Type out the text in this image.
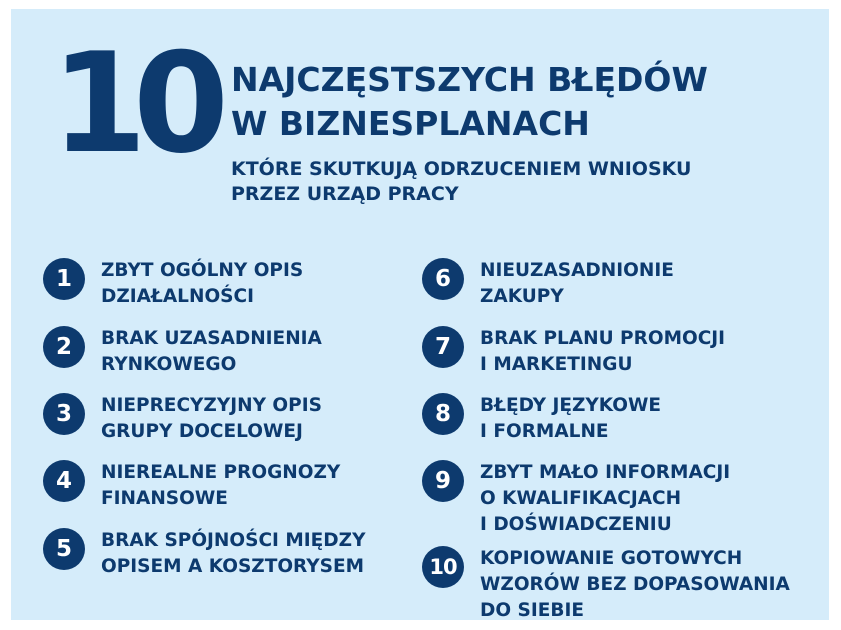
10 NAJCZĘSTSZYCH BŁĘDÓW
W BIZNESPLANACH
KTÓRE SKUTKUJĄ ODRZUCENIEM WNIOSKU
PRZEZ URZĄD PRACY
1	ZBYT OGÓLNY OPIS
DZIAŁALNOŚCI
2	BRAK UZASADNIENIA
RYNKOWEGO
3	NIEPRECYZYJNY OPIS
GRUPY DOCELOWEJ
4	NIEREALNE PROGNOZY
FINANSOWE
5	BRAK SPÓJNOŚCI MIĘDZY
OPISEM A KOSZTORYSEM
6	NIEUZASADNIONIE
ZAKUPY
7	BRAK PLANU PROMOCJI
I MARKETINGU
8	BŁĘDY JĘZYKOWE
I FORMALNE
9	ZBYT MAŁO INFORMACJI
O KWALIFIKACJACH
I DOŚWIADCZENIU
10	KOPIOWANIE GOTOWYCH
WZORÓW BEZ DOPASOWANIA
DO SIEBIE
